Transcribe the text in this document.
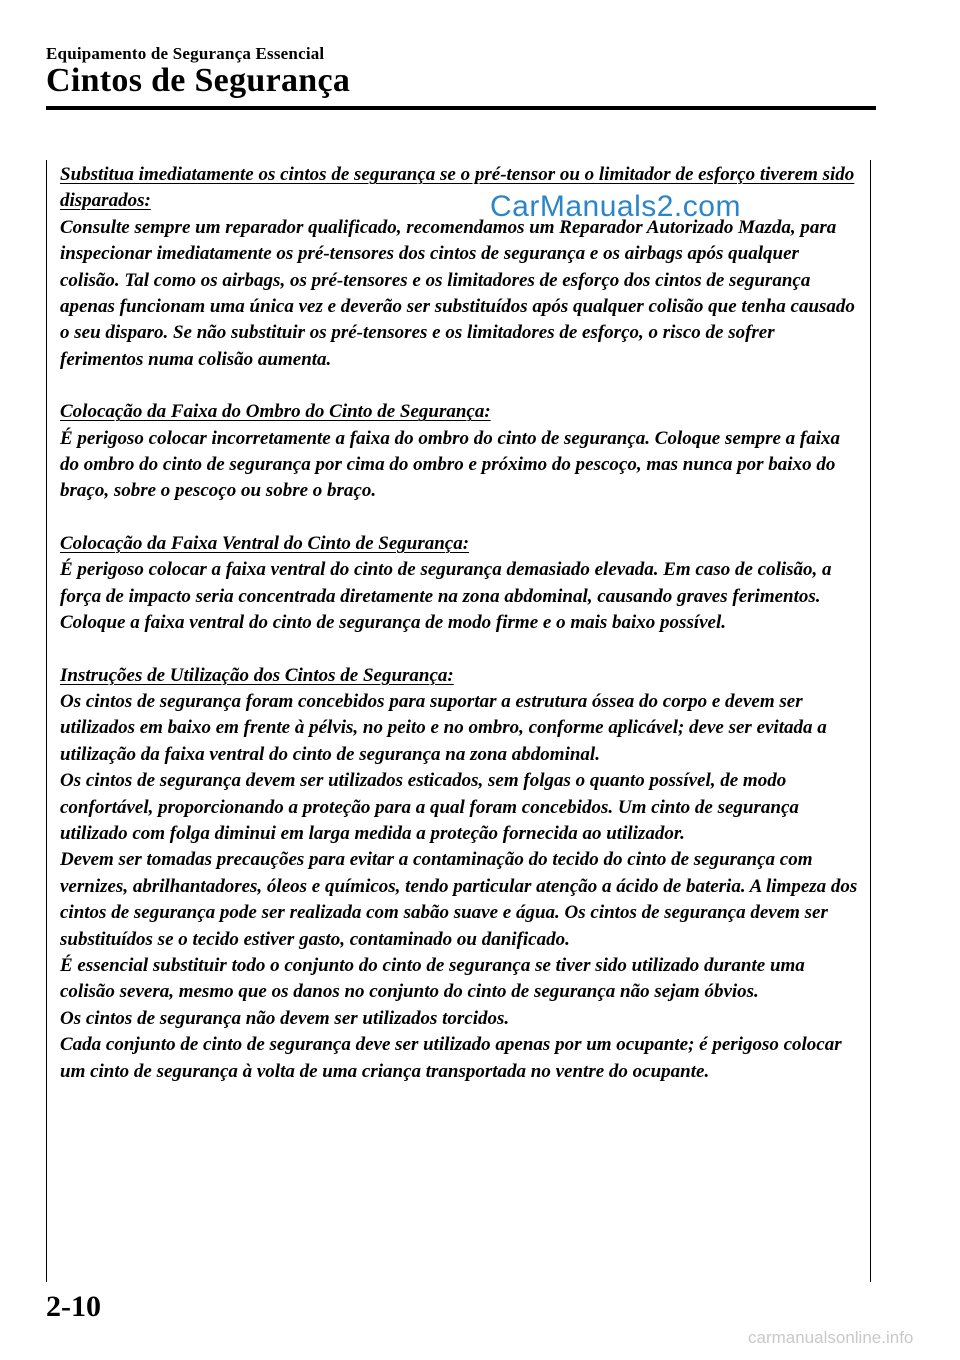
Equipamento de Segurança Essencial
Cintos de Segurança
Substitua imediatamente os cintos de segurança se o pré-tensor ou o limitador de esforço tiverem sido disparados:
Consulte sempre um reparador qualificado, recomendamos um Reparador Autorizado Mazda, para inspecionar imediatamente os pré-tensores dos cintos de segurança e os airbags após qualquer colisão. Tal como os airbags, os pré-tensores e os limitadores de esforço dos cintos de segurança apenas funcionam uma única vez e deverão ser substituídos após qualquer colisão que tenha causado o seu disparo. Se não substituir os pré-tensores e os limitadores de esforço, o risco de sofrer ferimentos numa colisão aumenta.
Colocação da Faixa do Ombro do Cinto de Segurança:
É perigoso colocar incorretamente a faixa do ombro do cinto de segurança. Coloque sempre a faixa do ombro do cinto de segurança por cima do ombro e próximo do pescoço, mas nunca por baixo do braço, sobre o pescoço ou sobre o braço.
Colocação da Faixa Ventral do Cinto de Segurança:
É perigoso colocar a faixa ventral do cinto de segurança demasiado elevada. Em caso de colisão, a força de impacto seria concentrada diretamente na zona abdominal, causando graves ferimentos. Coloque a faixa ventral do cinto de segurança de modo firme e o mais baixo possível.
Instruções de Utilização dos Cintos de Segurança:
Os cintos de segurança foram concebidos para suportar a estrutura óssea do corpo e devem ser utilizados em baixo em frente à pélvis, no peito e no ombro, conforme aplicável; deve ser evitada a utilização da faixa ventral do cinto de segurança na zona abdominal.
Os cintos de segurança devem ser utilizados esticados, sem folgas o quanto possível, de modo confortável, proporcionando a proteção para a qual foram concebidos. Um cinto de segurança utilizado com folga diminui em larga medida a proteção fornecida ao utilizador.
Devem ser tomadas precauções para evitar a contaminação do tecido do cinto de segurança com vernizes, abrilhantadores, óleos e químicos, tendo particular atenção a ácido de bateria. A limpeza dos cintos de segurança pode ser realizada com sabão suave e água. Os cintos de segurança devem ser substituídos se o tecido estiver gasto, contaminado ou danificado.
É essencial substituir todo o conjunto do cinto de segurança se tiver sido utilizado durante uma colisão severa, mesmo que os danos no conjunto do cinto de segurança não sejam óbvios.
Os cintos de segurança não devem ser utilizados torcidos.
Cada conjunto de cinto de segurança deve ser utilizado apenas por um ocupante; é perigoso colocar um cinto de segurança à volta de uma criança transportada no ventre do ocupante.
CarManuals2.com
2-10
carmanualsonline.info
